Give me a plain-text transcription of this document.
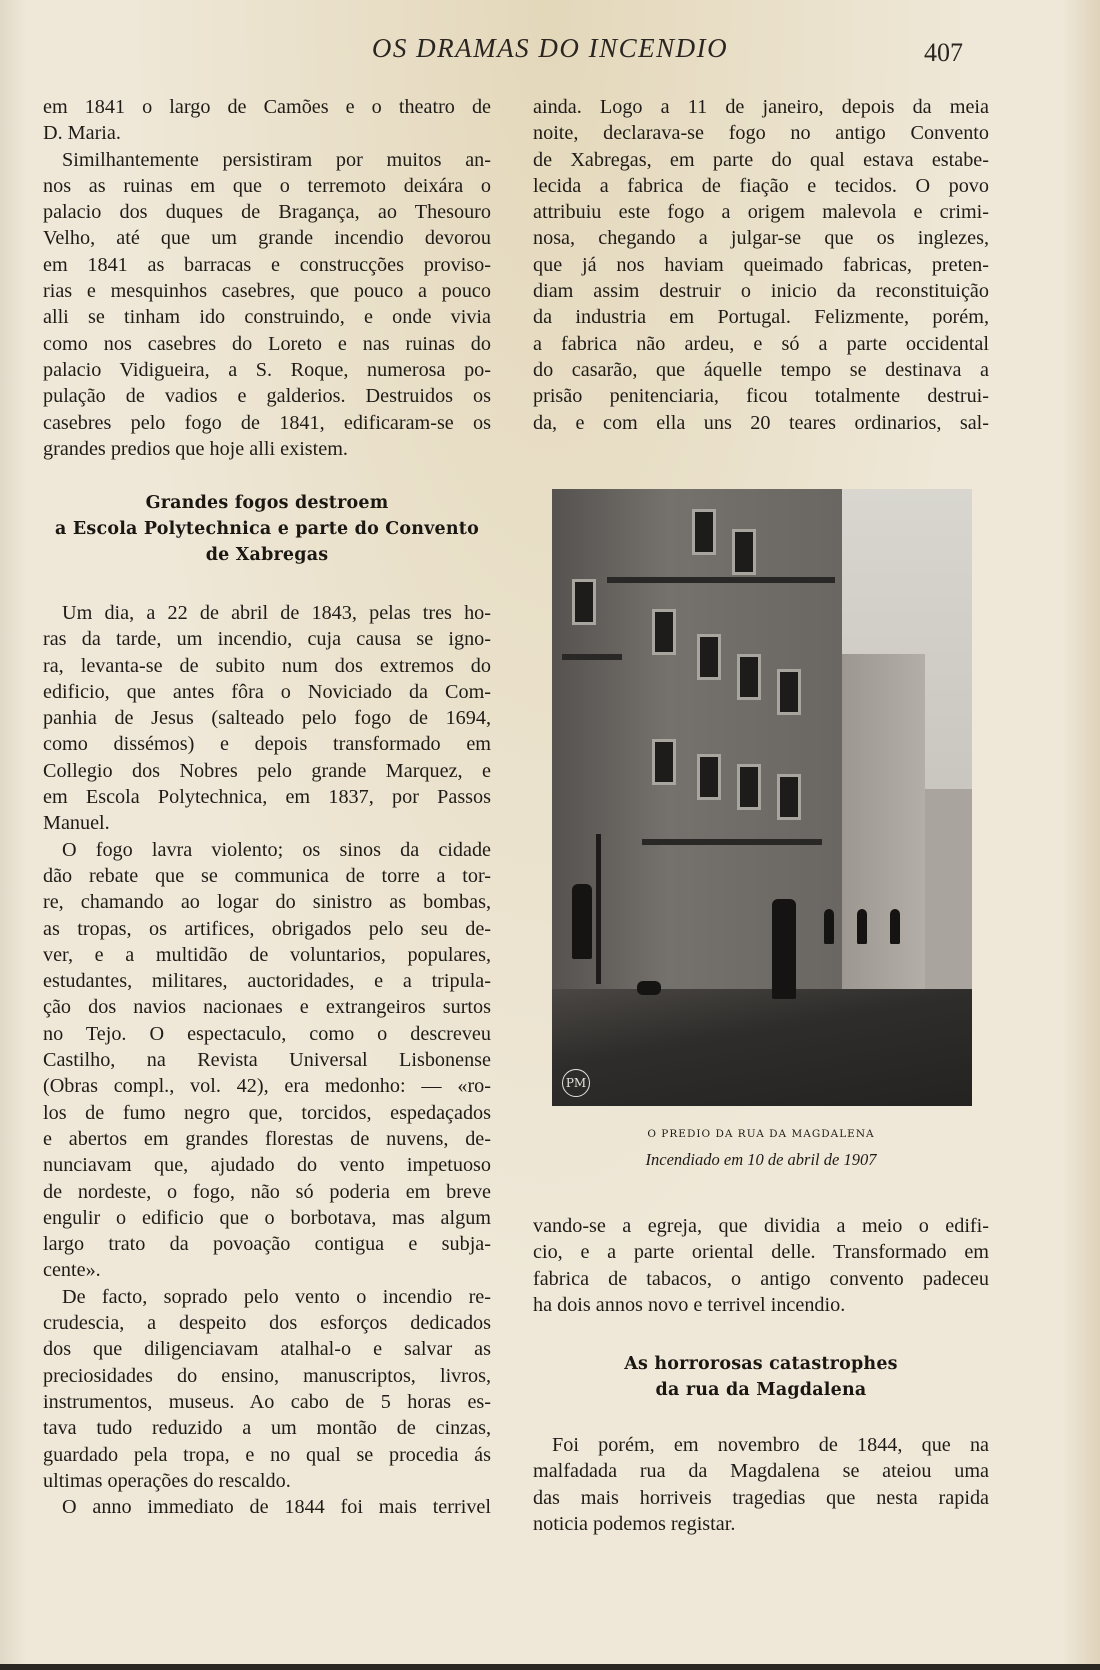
OS DRAMAS DO INCENDIO	407
em 1841 o largo de Camões e o theatro de
D. Maria.
Similhantemente persistiram por muitos an-
nos as ruinas em que o terremoto deixára o
palacio dos duques de Bragança, ao Thesouro
Velho, até que um grande incendio devorou
em 1841 as barracas e construcções proviso-
rias e mesquinhos casebres, que pouco a pouco
alli se tinham ido construindo, e onde vivia
como nos casebres do Loreto e nas ruinas do
palacio Vidigueira, a S. Roque, numerosa po-
pulação de vadios e galderios. Destruidos os
casebres pelo fogo de 1841, edificaram-se os
grandes predios que hoje alli existem.
Grandes fogos destroem
a Escola Polytechnica e parte do Convento
de Xabregas
Um dia, a 22 de abril de 1843, pelas tres ho-
ras da tarde, um incendio, cuja causa se igno-
ra, levanta-se de subito num dos extremos do
edificio, que antes fôra o Noviciado da Com-
panhia de Jesus (salteado pelo fogo de 1694,
como dissémos) e depois transformado em
Collegio dos Nobres pelo grande Marquez, e
em Escola Polytechnica, em 1837, por Passos
Manuel.
O fogo lavra violento; os sinos da cidade
dão rebate que se communica de torre a tor-
re, chamando ao logar do sinistro as bombas,
as tropas, os artifices, obrigados pelo seu de-
ver, e a multidão de voluntarios, populares,
estudantes, militares, auctoridades, e a tripula-
ção dos navios nacionaes e extrangeiros surtos
no Tejo. O espectaculo, como o descreveu
Castilho, na Revista Universal Lisbonense
(Obras compl., vol. 42), era medonho: — «ro-
los de fumo negro que, torcidos, espedaçados
e abertos em grandes florestas de nuvens, de-
nunciavam que, ajudado do vento impetuoso
de nordeste, o fogo, não só poderia em breve
engulir o edificio que o borbotava, mas algum
largo trato da povoação contigua e subja-
cente».
De facto, soprado pelo vento o incendio re-
crudescia, a despeito dos esforços dedicados
dos que diligenciavam atalhal-o e salvar as
preciosidades do ensino, manuscriptos, livros,
instrumentos, museus. Ao cabo de 5 horas es-
tava tudo reduzido a um montão de cinzas,
guardado pela tropa, e no qual se procedia ás
ultimas operações do rescaldo.
O anno immediato de 1844 foi mais terrivel
ainda. Logo a 11 de janeiro, depois da meia
noite, declarava-se fogo no antigo Convento
de Xabregas, em parte do qual estava estabe-
lecida a fabrica de fiação e tecidos. O povo
attribuiu este fogo a origem malevola e crimi-
nosa, chegando a julgar-se que os inglezes,
que já nos haviam queimado fabricas, preten-
diam assim destruir o inicio da reconstituição
da industria em Portugal. Felizmente, porém,
a fabrica não ardeu, e só a parte occidental
do casarão, que áquelle tempo se destinava a
prisão penitenciaria, ficou totalmente destrui-
da, e com ella uns 20 teares ordinarios, sal-
PM
O PREDIO DA RUA DA MAGDALENA
Incendiado em 10 de abril de 1907
vando-se a egreja, que dividia a meio o edifi-
cio, e a parte oriental delle. Transformado em
fabrica de tabacos, o antigo convento padeceu
ha dois annos novo e terrivel incendio.
As horrorosas catastrophes
da rua da Magdalena
Foi porém, em novembro de 1844, que na
malfadada rua da Magdalena se ateiou uma
das mais horriveis tragedias que nesta rapida
noticia podemos registar.
